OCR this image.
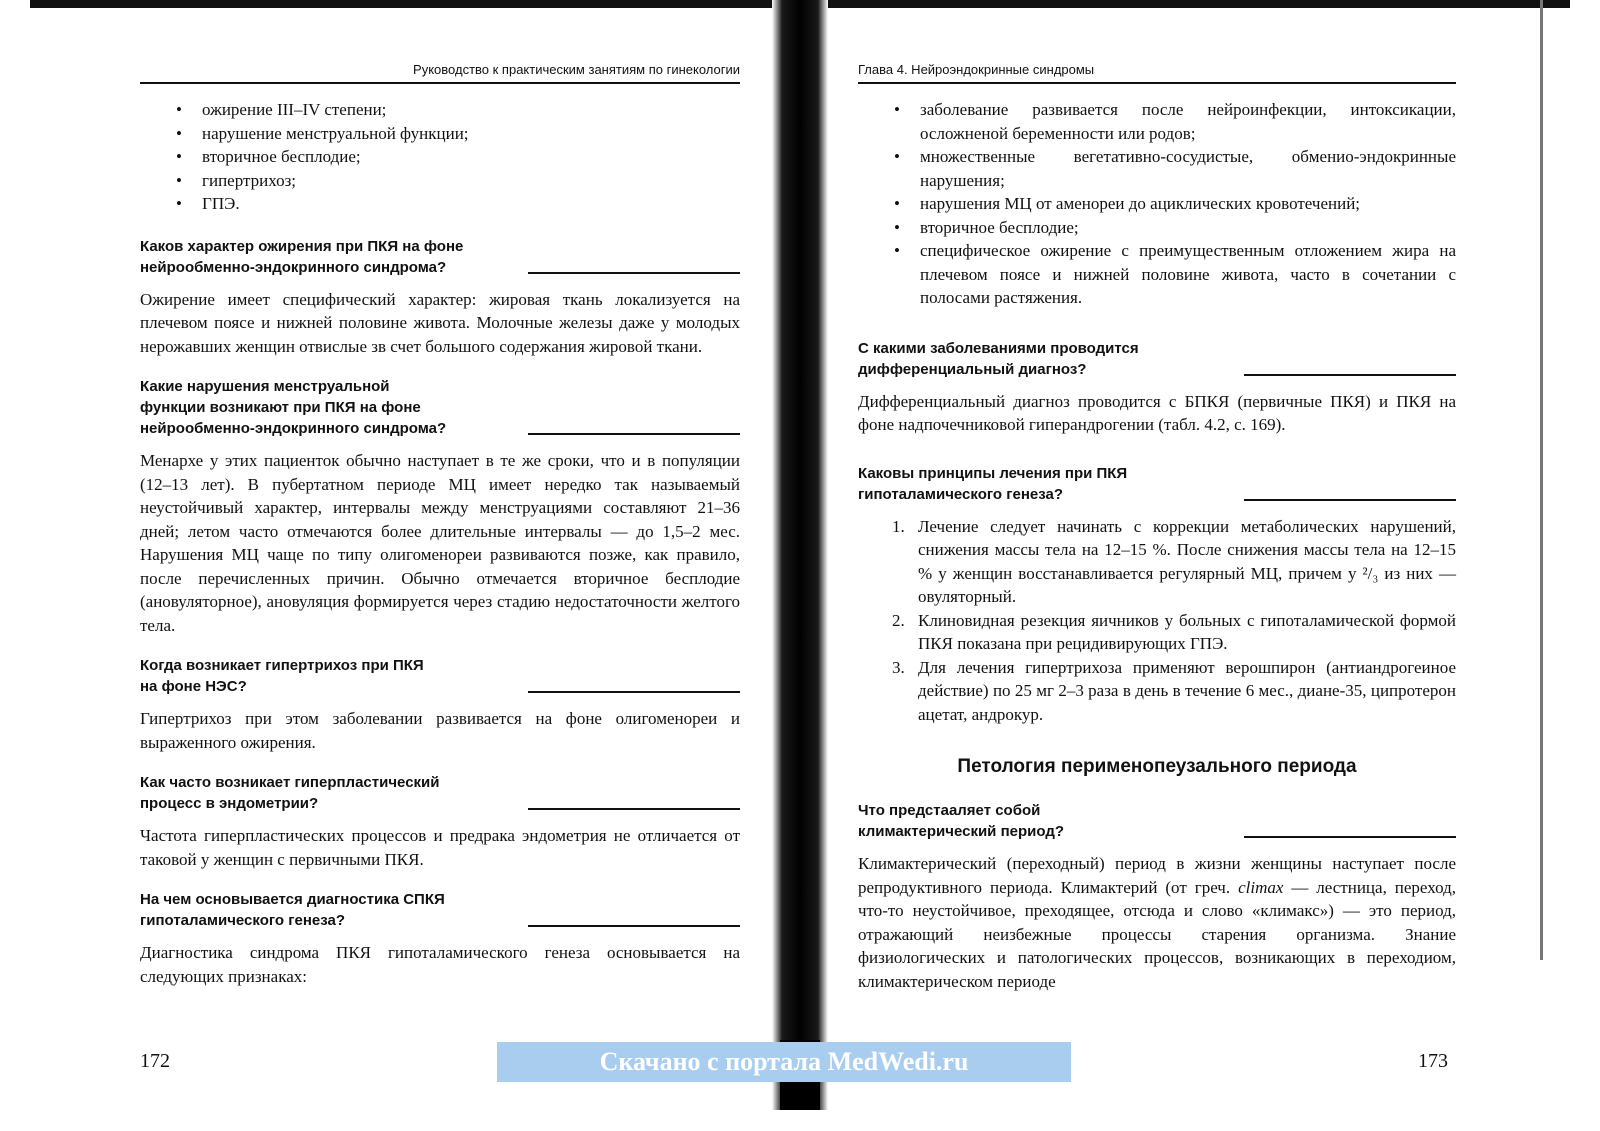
Руководство к практическим занятиям по гинекологии
• ожирение III–IV степени;
• нарушение менструальной функции;
• вторичное бесплодие;
• гипертрихоз;
• ГПЭ.
Каков характер ожирения при ПКЯ на фоне
нейрообменно-эндокринного синдрома?

Ожирение имеет специфический характер: жировая ткань локализуется на плечевом поясе и нижней половине живота. Молочные железы даже у молодых нерожавших женщин отвислые зв счет большого содержания жировой ткани.

Какие нарушения менструальной
функции возникают при ПКЯ на фоне
нейрообменно-эндокринного синдрома?

Менархе у этих пациенток обычно наступает в те же сроки, что и в популяции (12–13 лет). В пубертатном периоде МЦ имеет нередко так называемый неустойчивый характер, интервалы между менструациями составляют 21–36 дней; летом часто отмечаются более длительные интервалы — до 1,5–2 мес. Нарушения МЦ чаще по типу олигоменореи развиваются позже, как правило, после перечисленных причин. Обычно отмечается вторичное бесплодие (ановуляторное), ановуляция формируется через стадию недостаточности желтого тела.

Когда возникает гипертрихоз при ПКЯ
на фоне НЭС?

Гипертрихоз при этом заболевании развивается на фоне олигоменореи и выраженного ожирения.

Как часто возникает гиперпластический
процесс в эндометрии?

Частота гиперпластических процессов и предрака эндометрия не отличается от таковой у женщин с первичными ПКЯ.

На чем основывается диагностика СПКЯ
гипоталамического генеза?

Диагностика синдрома ПКЯ гипоталамического генеза основывается на следующих признаках:

Глава 4. Нейроэндокринные синдромы
• заболевание развивается после нейроинфекции, интоксикации, осложненой беременности или родов;
• множественные вегетативно-сосудистые, обменио-эндокринные нарушения;
• нарушения МЦ от аменореи до ациклических кровотечений;
• вторичное бесплодие;
• специфическое ожирение с преимущественным отложением жира на плечевом поясе и нижней половине живота, часто в сочетании с полосами растяжения.
С какими заболеваниями проводится
дифференциальный диагноз?

Дифференциальный диагноз проводится с БПКЯ (первичные ПКЯ) и ПКЯ на фоне надпочечниковой гиперандрогении (табл. 4.2, с. 169).

Каковы принципы лечения при ПКЯ
гипоталамического генеза?
1. Лечение следует начинать с коррекции метаболических нарушений, снижения массы тела на 12–15 %. После снижения массы тела на 12–15 % у женщин восстанавливается регулярный МЦ, причем у ²/₃ из них — овуляторный.
2. Клиновидная резекция яичников у больных с гипоталамической формой ПКЯ показана при рецидивирующих ГПЭ.
3. Для лечения гипертрихоза применяют верошпирон (антиандрогеиное действие) по 25 мг 2–3 раза в день в течение 6 мес., диане-35, ципротерон ацетат, андрокур.
Петология перименопеузального периода
Что предстааляет собой
климактерический период?

Климактерический (переходный) период в жизни женщины наступает после репродуктивного периода. Климактерий (от греч. climax — лестница, переход, что-то неустойчивое, преходящее, отсюда и слово «климакс») — это период, отражающий неизбежные процессы старения организма. Знание физиологических и патологических процессов, возникающих в переходиом, климактерическом периоде

172	173
Скачано с портала MedWedi.ru
